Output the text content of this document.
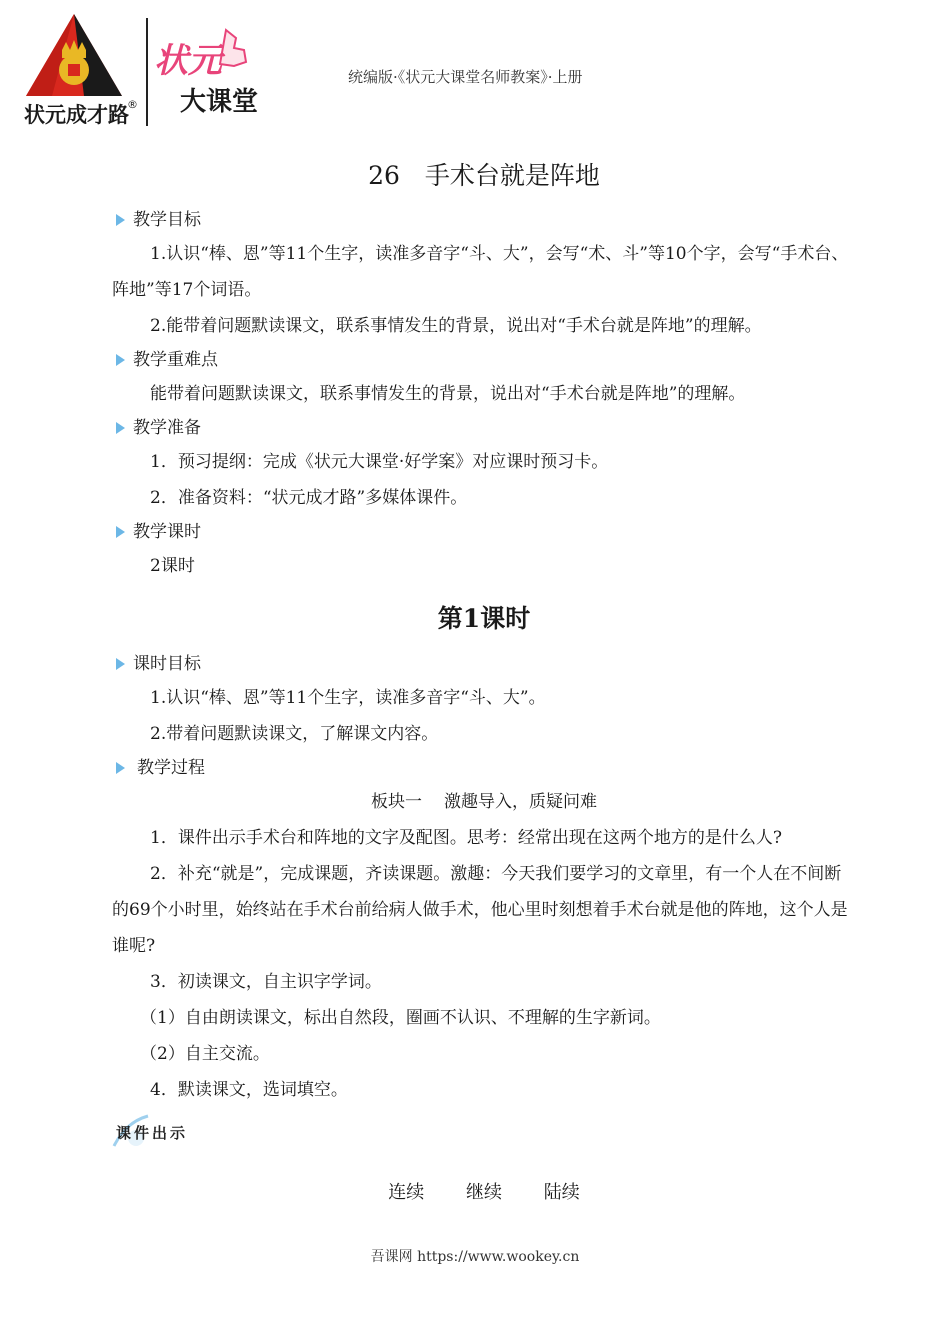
状元成才路
®
状元
大课堂
统编版·《状元大课堂名师教案》·上册
26　手术台就是阵地
教学目标

1.认识“棒、恩”等11个生字，读准多音字“斗、大”，会写“术、斗”等10个字，会写“手术台、阵地”等17个词语。

2.能带着问题默读课文，联系事情发生的背景，说出对“手术台就是阵地”的理解。

教学重难点

能带着问题默读课文，联系事情发生的背景，说出对“手术台就是阵地”的理解。

教学准备

1．预习提纲：完成《状元大课堂·好学案》对应课时预习卡。

2．准备资料：“状元成才路”多媒体课件。

教学课时

2课时

第1课时
课时目标

1.认识“棒、恩”等11个生字，读准多音字“斗、大”。

2.带着问题默读课文，了解课文内容。

教学过程
板块一 激趣导入，质疑问难

1．课件出示手术台和阵地的文字及配图。思考：经常出现在这两个地方的是什么人?

2．补充“就是”，完成课题，齐读课题。激趣：今天我们要学习的文章里，有一个人在不间断的69个小时里，始终站在手术台前给病人做手术，他心里时刻想着手术台就是他的阵地，这个人是谁呢?

3．初读课文，自主识字学词。

（1）自由朗读课文，标出自然段，圈画不认识、不理解的生字新词。

（2）自主交流。

4．默读课文，选词填空。

课件出示
连续 继续 陆续
吾课网 https://www.wookey.cn
